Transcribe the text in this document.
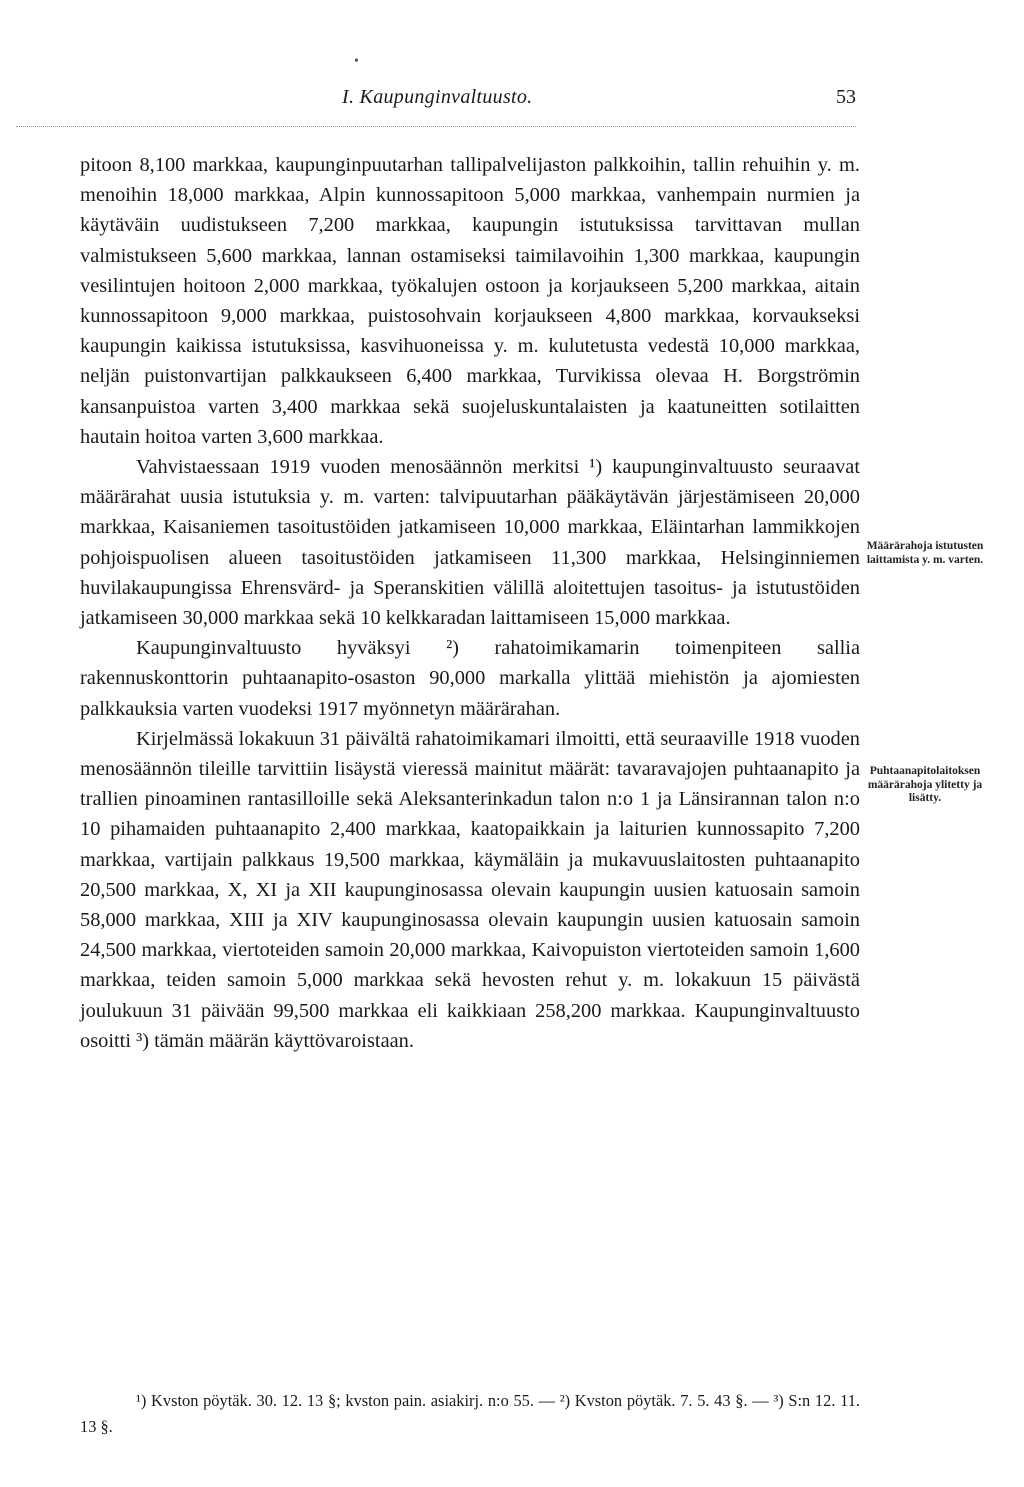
•
I. Kaupunginvaltuusto.	53

pitoon 8,100 markkaa, kaupunginpuutarhan tallipalvelijaston palkkoihin, tallin rehuihin y. m. menoihin 18,000 markkaa, Alpin kunnossapitoon 5,000 markkaa, vanhempain nurmien ja käytäväin uudistukseen 7,200 markkaa, kaupungin istutuksissa tarvittavan mullan valmistukseen 5,600 markkaa, lannan ostamiseksi taimilavoihin 1,300 markkaa, kaupungin vesilintujen hoitoon 2,000 markkaa, työkalujen ostoon ja korjaukseen 5,200 markkaa, aitain kunnossapitoon 9,000 markkaa, puistosohvain korjaukseen 4,800 markkaa, korvaukseksi kaupungin kaikissa istutuksissa, kasvihuoneissa y. m. kulutetusta vedestä 10,000 markkaa, neljän puistonvartijan palkkaukseen 6,400 markkaa, Turvikissa olevaa H. Borgströmin kansanpuistoa varten 3,400 markkaa sekä suojeluskuntalaisten ja kaatuneitten sotilaitten hautain hoitoa varten 3,600 markkaa.

Vahvistaessaan 1919 vuoden menosäännön merkitsi ¹) kaupunginvaltuusto seuraavat määrärahat uusia istutuksia y. m. varten: talvipuutarhan pääkäytävän järjestämiseen 20,000 markkaa, Kaisaniemen tasoitustöiden jatkamiseen 10,000 markkaa, Eläintarhan lammikkojen pohjoispuolisen alueen tasoitustöiden jatkamiseen 11,300 markkaa, Helsinginniemen huvilakaupungissa Ehrensvärd- ja Speranskitien välillä aloitettujen tasoitus- ja istutustöiden jatkamiseen 30,000 markkaa sekä 10 kelkkaradan laittamiseen 15,000 markkaa.

Kaupunginvaltuusto hyväksyi ²) rahatoimikamarin toimenpiteen sallia rakennuskonttorin puhtaanapito-osaston 90,000 markalla ylittää miehistön ja ajomiesten palkkauksia varten vuodeksi 1917 myönnetyn määrärahan.

Kirjelmässä lokakuun 31 päivältä rahatoimikamari ilmoitti, että seuraaville 1918 vuoden menosäännön tileille tarvittiin lisäystä vieressä mainitut määrät: tavaravajojen puhtaanapito ja trallien pinoaminen rantasilloille sekä Aleksanterinkadun talon n:o 1 ja Länsirannan talon n:o 10 pihamaiden puhtaanapito 2,400 markkaa, kaatopaikkain ja laiturien kunnossapito 7,200 markkaa, vartijain palkkaus 19,500 markkaa, käymäläin ja mukavuuslaitosten puhtaanapito 20,500 markkaa, X, XI ja XII kaupunginosassa olevain kaupungin uusien katuosain samoin 58,000 markkaa, XIII ja XIV kaupunginosassa olevain kaupungin uusien katuosain samoin 24,500 markkaa, viertoteiden samoin 20,000 markkaa, Kaivopuiston viertoteiden samoin 1,600 markkaa, teiden samoin 5,000 markkaa sekä hevosten rehut y. m. lokakuun 15 päivästä joulukuun 31 päivään 99,500 markkaa eli kaikkiaan 258,200 markkaa. Kaupunginvaltuusto osoitti ³) tämän määrän käyttövaroistaan.

Määrärahoja istutusten laittamista y. m. varten.
Puhtaanapitolaitoksen määrärahoja ylitetty ja lisätty.

¹) Kvston pöytäk. 30. 12. 13 §; kvston pain. asiakirj. n:o 55. — ²) Kvston pöytäk. 7. 5. 43 §. — ³) S:n 12. 11. 13 §.
